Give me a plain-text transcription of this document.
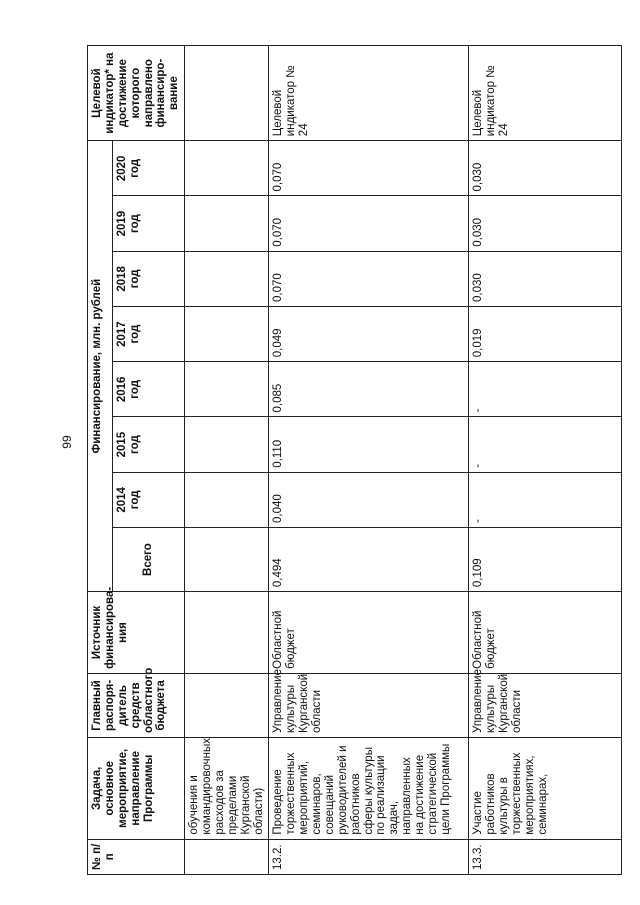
99
№ п/п	Задача, основное мероприятие, направление Программы	Главный распоря-дитель средств областного бюджета	Источник финансирова-ния	Финансирование, млн. рублей								Целевой индикатор* на достижение которого направлено финансиро-вание
				Всего	2014 год	2015 год	2016 год	2017 год	2018 год	2019 год	2020 год	
	обучения и командировочных расходов за пределами Курганской области)											
13.2.	Проведение торжественных мероприятий, семинаров, совещаний руководителей и работников сферы культуры по реализации задач, направленных на достижение стратегической цели Программы	Управление культуры Курганской области	Областной бюджет	0,494	0,040	0,110	0,085	0,049	0,070	0,070	0,070	Целевой индикатор № 24
13.3.	Участие работников культуры в торжественных мероприятиях, семинарах,	Управление культуры Курганской области	Областной бюджет	0,109	-	-	-	0,019	0,030	0,030	0,030	Целевой индикатор № 24
